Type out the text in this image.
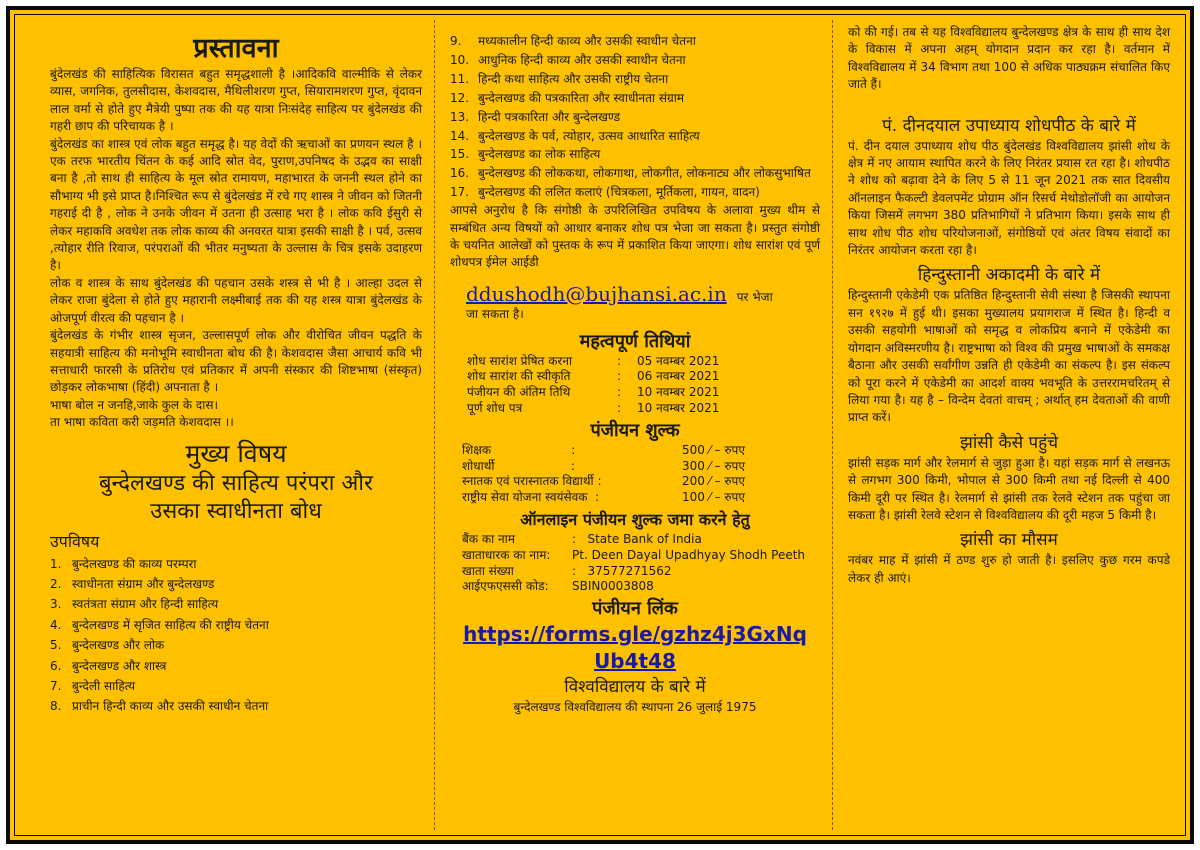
प्रस्तावना

बुंदेलखंड की साहित्यिक विरासत बहुत समृद्धशाली है ।आदिकवि वाल्मीकि से लेकर व्यास, जगनिक, तुलसीदास, केशवदास, मैथिलीशरण गुप्त, सियारामशरण गुप्त, वृंदावन लाल वर्मा से होते हुए मैत्रेयी पुष्पा तक की यह यात्रा निःसंदेह साहित्य पर बुंदेलखंड की गहरी छाप की परिचायक है ।

बुंदेलखंड का शास्त्र एवं लोक बहुत समृद्ध है। यह वेदों की ऋचाओं का प्रणयन स्थल है ।एक तरफ भारतीय चिंतन के कई आदि स्रोत वेद, पुराण,उपनिषद के उद्भव का साक्षी बना है ,तो साथ ही साहित्य के मूल स्रोत रामायण, महाभारत के जननी स्थल होने का सौभाग्य भी इसे प्राप्त है।निश्चित रूप से बुंदेलखंड में रचे गए शास्त्र ने जीवन को जितनी गहराई दी है , लोक ने उनके जीवन में उतना ही उत्साह भरा है । लोक कवि ईसुरी से लेकर महाकवि अवधेश तक लोक काव्य की अनवरत यात्रा इसकी साक्षी है । पर्व, उत्सव ,त्योहार रीति रिवाज, परंपराओं की भीतर मनुष्यता के उल्लास के चित्र इसके उदाहरण है।

लोक व शास्त्र के साथ बुंदेलखंड की पहचान उसके शस्त्र से भी है । आल्हा उदल से लेकर राजा बुंदेला से होते हुए महारानी लक्ष्मीबाई तक की यह शस्त्र यात्रा बुंदेलखंड के ओजपूर्ण वीरत्व की पहचान है ।

बुंदेलखंड के गंभीर शास्त्र सृजन, उल्लासपूर्ण लोक और वीरोचित जीवन पद्धति के सहयात्री साहित्य की मनोभूमि स्वाधीनता बोध की है। केशवदास जैसा आचार्य कवि भी सत्ताधारी फारसी के प्रतिरोध एवं प्रतिकार में अपनी संस्कार की शिष्टभाषा (संस्कृत) छोड़कर लोकभाषा (हिंदी) अपनाता है ।

भाषा बोल न जनहि,जाके कुल के दास।
ता भाषा कविता करी जड़मति केशवदास ।।
मुख्य विषय
बुन्देलखण्ड की साहित्य परंपरा और
उसका स्वाधीनता बोध
उपविषय
1. बुन्देलखण्ड की काव्य परम्परा
2. स्वाधीनता संग्राम और बुन्देलखण्ड
3. स्वतंत्रता संग्राम और हिन्दी साहित्य
4. बुन्देलखण्ड में सृजित साहित्य की राष्ट्रीय चेतना
5. बुन्देलखण्ड और लोक
6. बुन्देलखण्ड और शास्त्र
7. बुन्देली साहित्य
8. प्राचीन हिन्दी काव्य और उसकी स्वाधीन चेतना
9.	मध्यकालीन हिन्दी काव्य और उसकी स्वाधीन चेतना
10. आधुनिक हिन्दी काव्य और उसकी स्वाधीन चेतना
11. हिन्दी कथा साहित्य और उसकी राष्ट्रीय चेतना
12. बुन्देलखण्ड की पत्रकारिता और स्वाधीनता संग्राम
13. हिन्दी पत्रकारिता और बुन्देलखण्ड
14. बुन्देलखण्ड के पर्व, त्योहार, उत्सव आधारित साहित्य
15. बुन्देलखण्ड का लोक साहित्य
16. बुन्देलखण्ड की लोककथा, लोकगाथा, लोकगीत, लोकनाट्य और लोकसुभाषित
17. बुन्देलखण्ड की ललित कलाएं (चित्रकला, मूर्तिकला, गायन, वादन)

आपसे अनुरोध है कि संगोष्ठी के उपरिलिखित उपविषय के अलावा मुख्य थीम से सम्बंधित अन्य विषयों को आधार बनाकर शोध पत्र भेजा जा सकता है। प्रस्तुत संगोष्ठी के चयनित आलेखों को पुस्तक के रूप में प्रकाशित किया जाएगा। शोध सारांश एवं पूर्ण शोधपत्र ईमेल आईडी

ddushodh@bujhansi.ac.in पर भेजा
जा सकता है।
महत्वपूर्ण तिथियां
शोध सारांश प्रेषित करना	:	05 नवम्बर 2021
शोध सारांश की स्वीकृति	:	06 नवम्बर 2021
पंजीयन की अंतिम तिथि	:	10 नवम्बर 2021
पूर्ण शोध पत्र	:	10 नवम्बर 2021
पंजीयन शुल्क
शिक्षक                     :	500 ⁄ – रुपए
शोधार्थी                    :	300 ⁄ – रुपए
स्नातक एवं परास्नातक विद्यार्थी :	200 ⁄ – रुपए
राष्ट्रीय सेवा योजना स्वयंसेवक  :	100 ⁄ – रुपए
ऑनलाइन पंजीयन शुल्क जमा करने हेतु
बैंक का नाम	:   State Bank of India
खाताधारक का नाम:	Pt. Deen Dayal Upadhyay Shodh Peeth
खाता संख्या	:   37577271562
आईएफएससी कोड:	SBIN0003808
पंजीयन लिंक
https://forms.gle/gzhz4j3GxNq
Ub4t48
विश्वविद्यालय के बारे में
बुन्देलखण्ड विश्वविद्यालय की स्थापना 26 जुलाई 1975

को की गई। तब से यह विश्वविद्यालय बुन्देलखण्ड क्षेत्र के साथ ही साथ देश के विकास में अपना अहम् योगदान प्रदान कर रहा है। वर्तमान में विश्वविद्यालय में 34 विभाग तथा 100 से अधिक पाठ्यक्रम संचालित किए जाते हैं।

पं. दीनदयाल उपाध्याय शोधपीठ के बारे में

पं. दीन दयाल उपाध्याय शोध पीठ बुंदेलखंड विश्वविद्यालय झांसी शोध के क्षेत्र में नए आयाम स्थापित करने के लिए निरंतर प्रयास रत रहा है। शोधपीठ ने शोध को बढ़ावा देने के लिए 5 से 11 जून 2021 तक सात दिवसीय ऑनलाइन फैकल्टी डेवलपमेंट प्रोग्राम ऑन रिसर्च मेथोडोलॉजी का आयोजन किया जिसमें लगभग 380 प्रतिभागियों ने प्रतिभाग किया। इसके साथ ही साथ शोध पीठ शोध परियोजनाओं, संगोष्ठियों एवं अंतर विषय संवादों का निरंतर आयोजन करता रहा है।

हिन्दुस्तानी अकादमी के बारे में

हिन्दुस्तानी एकेडेमी एक प्रतिष्ठित हिन्दुस्तानी सेवी संस्था है जिसकी स्थापना सन १९२७ में हुई थी। इसका मुख्यालय प्रयागराज में स्थित है। हिन्दी व उसकी सहयोगी भाषाओं को समृद्ध व लोकप्रिय बनाने में एकेडेमी का योगदान अविस्मरणीय है। राष्ट्रभाषा को विश्व की प्रमुख भाषाओं के समकक्ष बैठाना और उसकी सर्वांगीण उन्नति ही एकेडेमी का संकल्प है। इस संकल्प को पूरा करने में एकेडेमी का आदर्श वाक्य भवभूति के उत्तररामचरितम् से लिया गया है। यह है – विन्देम देवतां वाचम् ; अर्थात् हम देवताओं की वाणी प्राप्त करें।

झांसी कैसे पहुंचे

झांसी सड़क मार्ग और रेलमार्ग से जुड़ा हुआ है। यहां सड़क मार्ग से लखनऊ से लगभग 300 किमी, भोपाल से 300 किमी तथा नई दिल्ली से 400 किमी दूरी पर स्थित है। रेलमार्ग से झांसी तक रेलवे स्टेशन तक पहुंचा जा सकता है। झांसी रेलवे स्टेशन से विश्वविद्यालय की दूरी महज 5 किमी है।

झांसी का मौसम

नवंबर माह में झांसी में ठण्ड शुरु हो जाती है। इसलिए कुछ गरम कपडे लेकर ही आएं।
